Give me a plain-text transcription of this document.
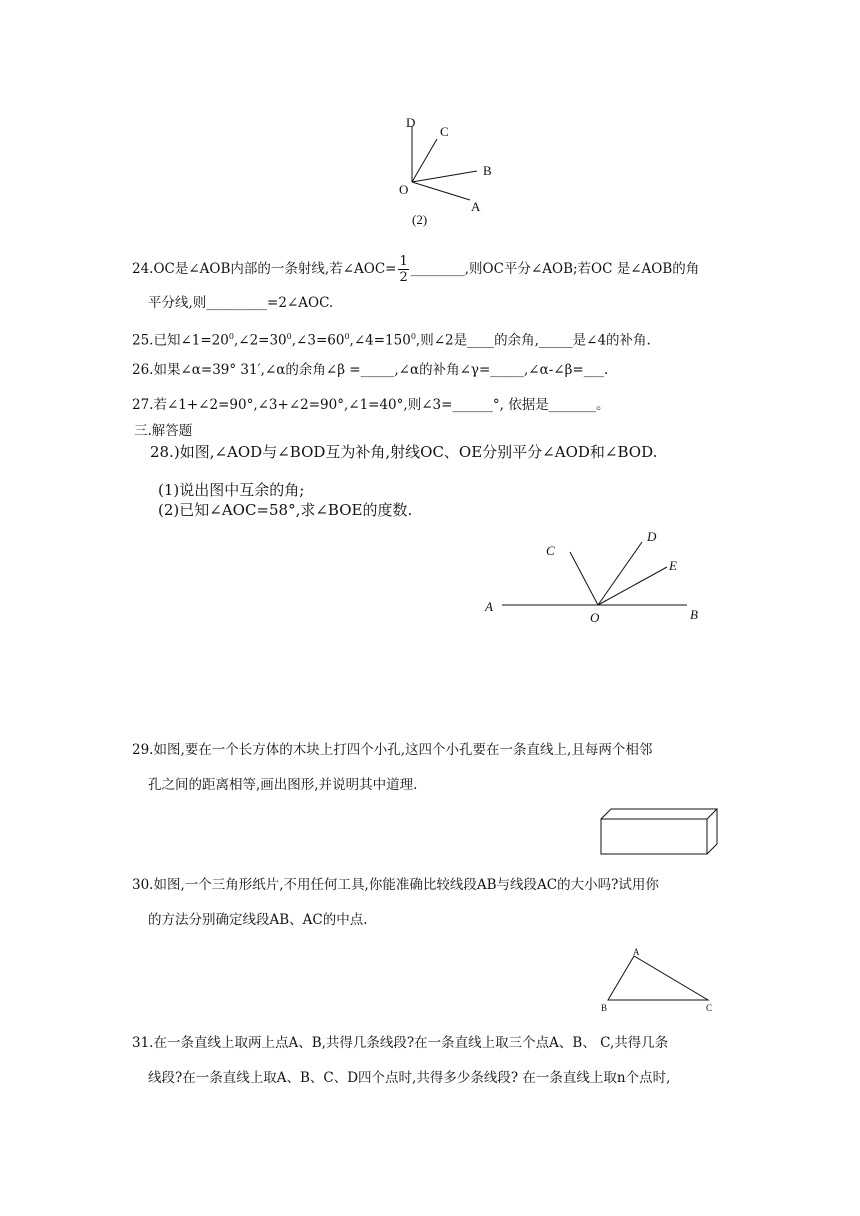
D
C
B
O
A
(2)
24.OC是∠AOB内部的一条射线,若∠AOC= $\frac{1}{2}$ ________,则OC平分∠AOB;若OC 是∠AOB的角
平分线,则_________=2∠AOC.
25.已知$\angle 1=20^0,\angle 2=30^0,\angle 3=60^0,\angle 4=150^0$,则∠2是____的余角,_____是∠4的补角.
26.如果∠α=39° 31′,∠α的余角∠β =_____,∠α的补角∠γ=_____,∠α-∠β=___.
27.若∠1+∠2=90°,∠3+∠2=90°,∠1=40°,则∠3=______°, 依据是_______。
三.解答题
28.)如图,∠AOD与∠BOD互为补角,射线OC、OE分别平分∠AOD和∠BOD.
(1)说出图中互余的角;
(2)已知∠AOC=58°,求∠BOE的度数.
A
B
C
D
E
O
29.如图,要在一个长方体的木块上打四个小孔,这四个小孔要在一条直线上,且每两个相邻
孔之间的距离相等,画出图形,并说明其中道理.
30.如图,一个三角形纸片,不用任何工具,你能准确比较线段AB与线段AC的大小吗?试用你
的方法分别确定线段AB、AC的中点.
A
B	C
31.在一条直线上取两上点A、B,共得几条线段?在一条直线上取三个点A、B、 C,共得几条
线段?在一条直线上取A、B、C、D四个点时,共得多少条线段? 在一条直线上取n个点时,
